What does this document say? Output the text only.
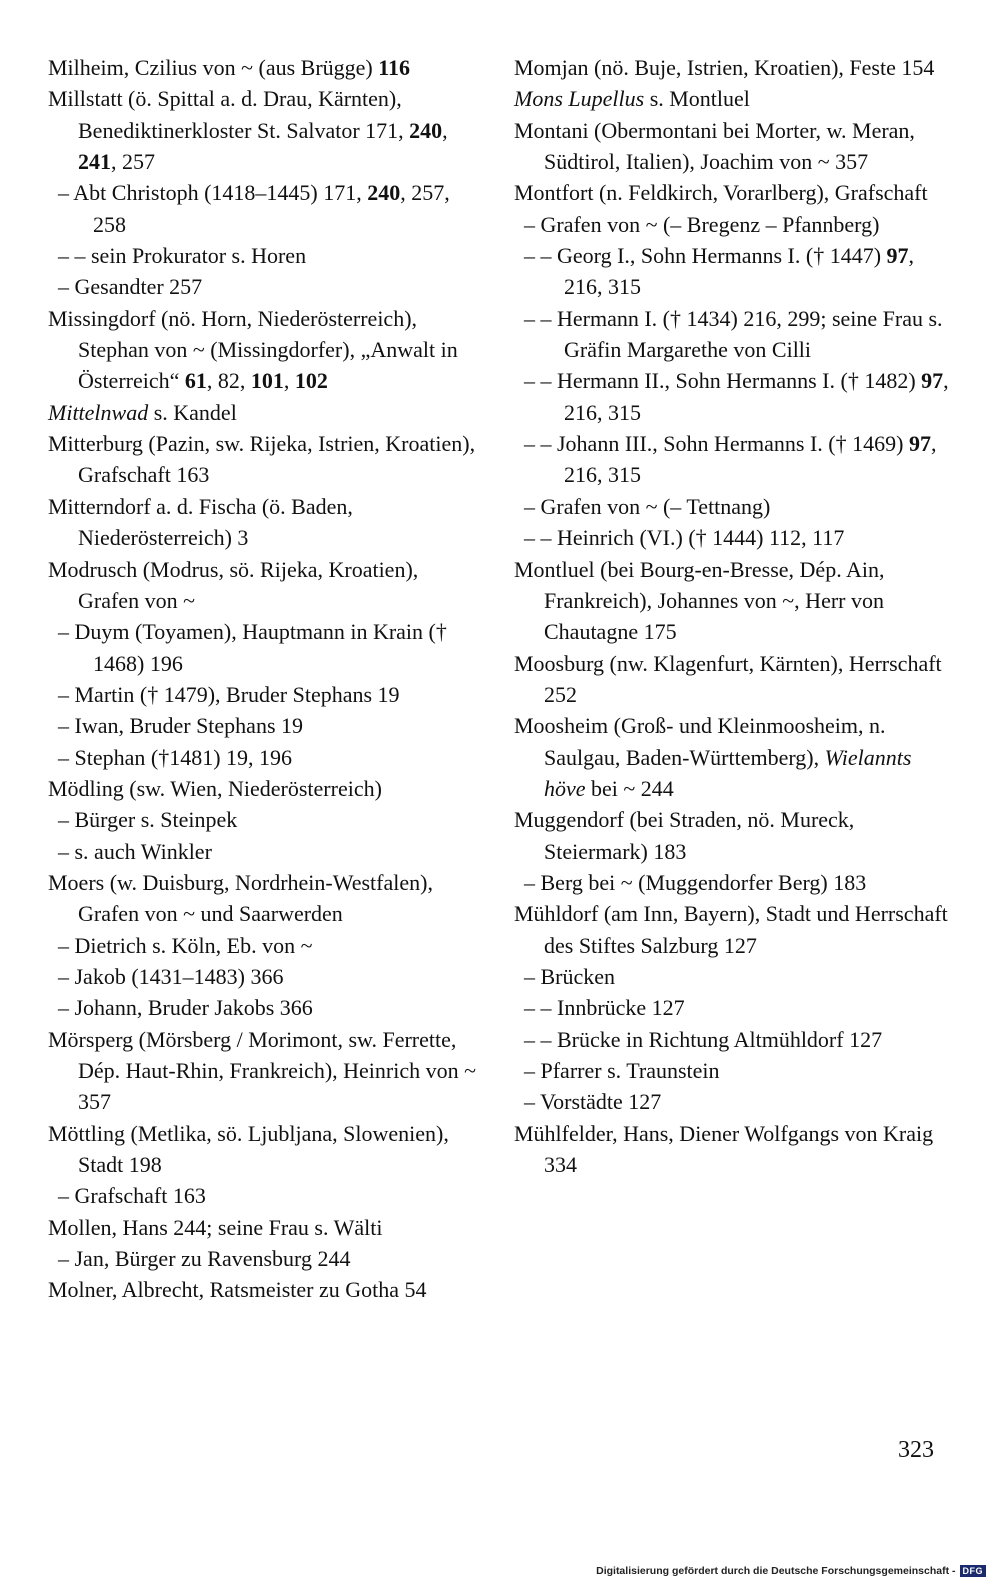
Milheim, Czilius von ~ (aus Brügge) 116
Millstatt (ö. Spittal a. d. Drau, Kärnten), Benediktinerkloster St. Salvator 171, 240, 241, 257
– Abt Christoph (1418–1445) 171, 240, 257, 258
– – sein Prokurator s. Horen
– Gesandter 257
Missingdorf (nö. Horn, Niederösterreich), Stephan von ~ (Missingdorfer), „Anwalt in Österreich“ 61, 82, 101, 102
Mittelnwad s. Kandel
Mitterburg (Pazin, sw. Rijeka, Istrien, Kroatien), Grafschaft 163
Mitterndorf a. d. Fischa (ö. Baden, Niederösterreich) 3
Modrusch (Modrus, sö. Rijeka, Kroatien), Grafen von ~
– Duym (Toyamen), Hauptmann in Krain († 1468) 196
– Martin († 1479), Bruder Stephans 19
– Iwan, Bruder Stephans 19
– Stephan (†1481) 19, 196
Mödling (sw. Wien, Niederösterreich)
– Bürger s. Steinpek
– s. auch Winkler
Moers (w. Duisburg, Nordrhein-Westfalen), Grafen von ~ und Saarwerden
– Dietrich s. Köln, Eb. von ~
– Jakob (1431–1483) 366
– Johann, Bruder Jakobs 366
Mörsperg (Mörsberg / Morimont, sw. Ferrette, Dép. Haut-Rhin, Frankreich), Heinrich von ~ 357
Möttling (Metlika, sö. Ljubljana, Slowenien), Stadt 198
– Grafschaft 163
Mollen, Hans 244; seine Frau s. Wälti
– Jan, Bürger zu Ravensburg 244
Molner, Albrecht, Ratsmeister zu Gotha 54
Momjan (nö. Buje, Istrien, Kroatien), Feste 154
Mons Lupellus s. Montluel
Montani (Obermontani bei Morter, w. Meran, Südtirol, Italien), Joachim von ~ 357
Montfort (n. Feldkirch, Vorarlberg), Grafschaft
– Grafen von ~ (– Bregenz – Pfannberg)
– – Georg I., Sohn Hermanns I. († 1447) 97, 216, 315
– – Hermann I. († 1434) 216, 299; seine Frau s. Gräfin Margarethe von Cilli
– – Hermann II., Sohn Hermanns I. († 1482) 97, 216, 315
– – Johann III., Sohn Hermanns I. († 1469) 97, 216, 315
– Grafen von ~ (– Tettnang)
– – Heinrich (VI.) († 1444) 112, 117
Montluel (bei Bourg-en-Bresse, Dép. Ain, Frankreich), Johannes von ~, Herr von Chautagne 175
Moosburg (nw. Klagenfurt, Kärnten), Herrschaft 252
Moosheim (Groß- und Kleinmoosheim, n. Saulgau, Baden-Württemberg), Wielannts höve bei ~ 244
Muggendorf (bei Straden, nö. Mureck, Steiermark) 183
– Berg bei ~ (Muggendorfer Berg) 183
Mühldorf (am Inn, Bayern), Stadt und Herrschaft des Stiftes Salzburg 127
– Brücken
– – Innbrücke 127
– – Brücke in Richtung Altmühldorf 127
– Pfarrer s. Traunstein
– Vorstädte 127
Mühlfelder, Hans, Diener Wolfgangs von Kraig 334
323
Digitalisierung gefördert durch die Deutsche Forschungsgemeinschaft - DFG
